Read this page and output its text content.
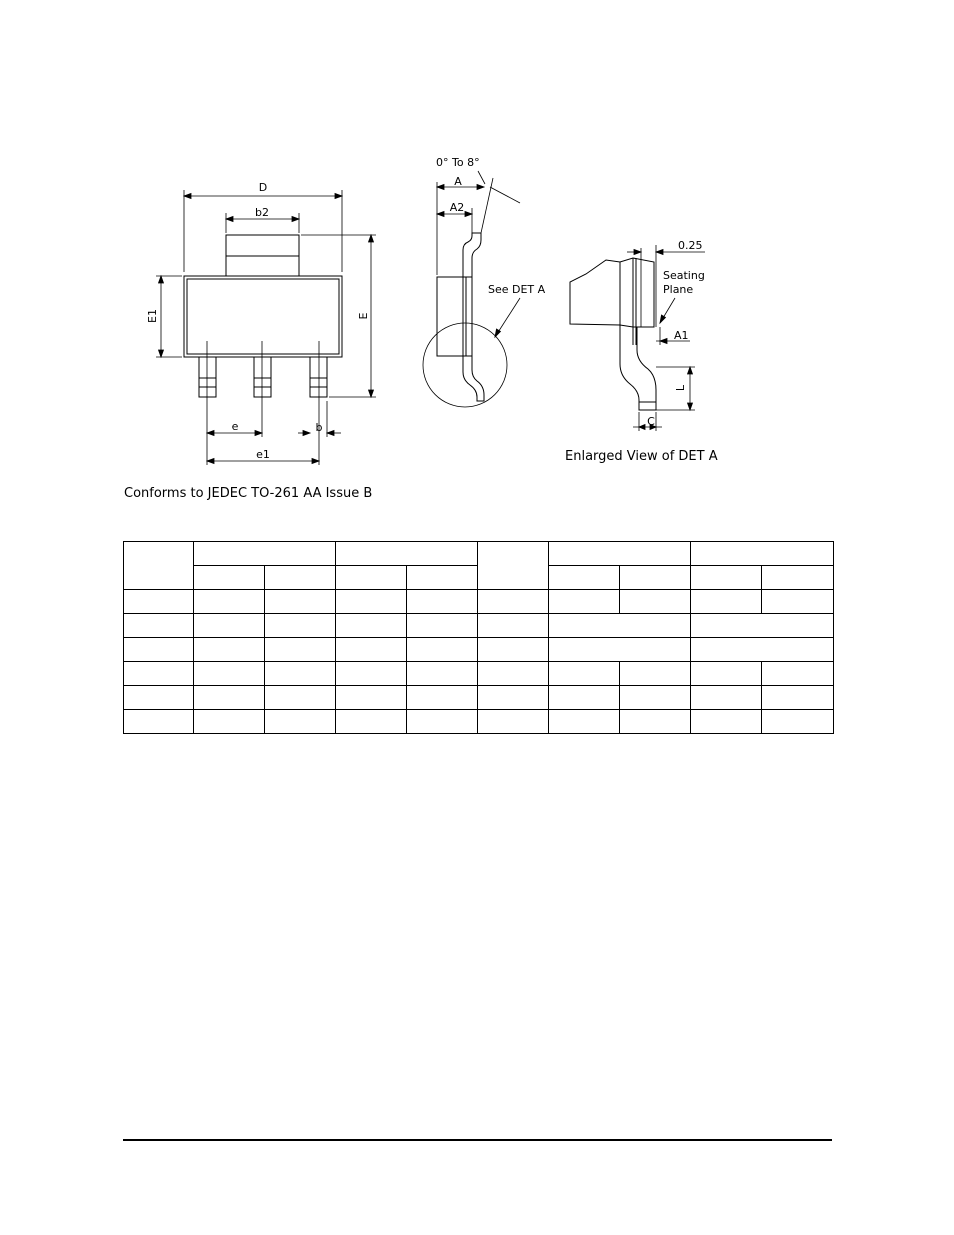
D
b2
E1	E
e	b
e1
0° To 8°
A
A2
See DET A
0.25
Seating
Plane
A1
L
C
Enlarged View of DET A
Conforms to JEDEC TO-261 AA Issue B
